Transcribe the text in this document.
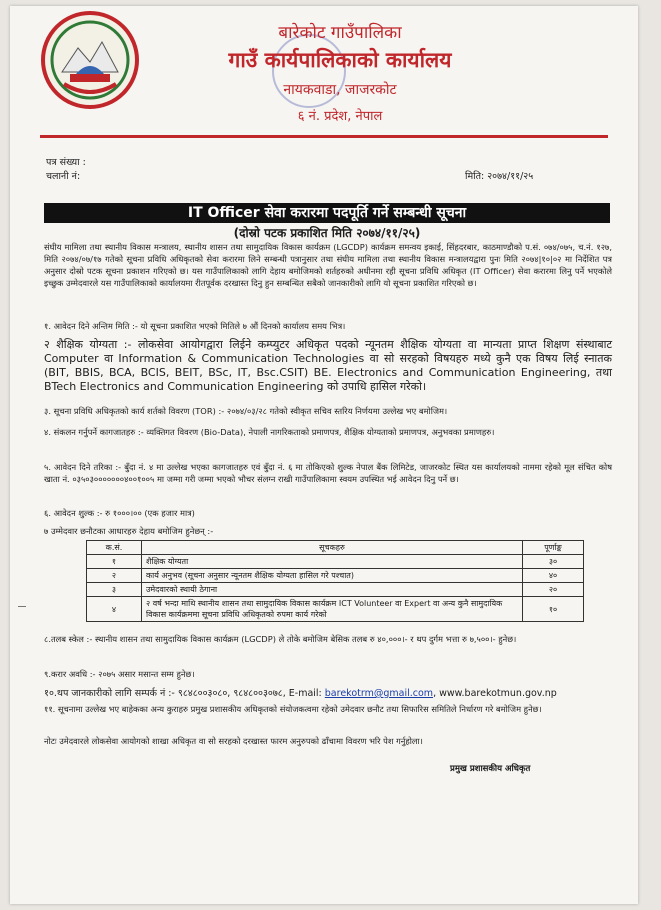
बारेकोट गाउँपालिका
गाउँ कार्यपालिकाको कार्यालय
नायकवाडा, जाजरकोट
६ नं. प्रदेश, नेपाल
पत्र संख्या :
चलानी नं:	मिति: २०७४/११/२५
IT Officer सेवा करारमा पदपूर्ति गर्ने सम्बन्धी सूचना
(दोस्रो पटक प्रकाशित मिति २०७४/११/२५)
संघीय मामिला तथा स्थानीय विकास मन्त्रालय, स्थानीय शासन तथा सामुदायिक विकास कार्यक्रम (LGCDP) कार्यक्रम समन्वय इकाई, सिंहदरबार, काठमाण्डौको प.सं. ०७४/०७५, च.नं. १२७, मिति २०७४/०७/१७ गतेको सूचना प्रविधि अधिकृतको सेवा करारमा लिने सम्बन्धी पत्रानुसार तथा संघीय मामिला तथा स्थानीय विकास मन्त्रालयद्वारा पुनः मिति २०७४|१०|०२ मा निर्देशित पत्र अनुसार दोस्रो पटक सूचना प्रकाशन गरिएको छ। यस गाउँपालिकाको लागि देहाय बमोजिमको शर्तहरुको अधीनमा रही सूचना प्रविधि अधिकृत (IT Officer) सेवा करारमा लिनु पर्ने भएकोले इच्छुक उम्मेदवारले यस गाउँपालिकाको कार्यालयमा रीतपूर्वक दरखास्त दिनु हुन सम्बन्धित सबैको जानकारीको लागि यो सूचना प्रकाशित गरिएको छ।
१. आवेदन दिने अन्तिम मिति :- यो सूचना प्रकाशित भएको मितिले ७ औं दिनको कार्यालय समय भित्र।
२ शैक्षिक योग्यता :- लोकसेवा आयोगद्वारा लिईने कम्प्युटर अधिकृत पदको न्यूनतम शैक्षिक योग्यता वा मान्यता प्राप्त शिक्षण संस्थाबाट Computer वा Information & Communication Technologies वा सो सरहको विषयहरु मध्ये कुनै एक विषय लिई स्नातक (BIT, BBIS, BCA, BCIS, BEIT, BSc, IT, Bsc.CSIT) BE. Electronics and Communication Engineering, तथा BTech Electronics and Communication Engineering को उपाधि हासिल गरेको।
३. सूचना प्रविधि अधिकृतको कार्य शर्तको विवरण (TOR) :- २०७४/०३/२८ गतेको स्वीकृत सचिव स्तरिय निर्णयमा उल्लेख भए बमोजिम।
४. संकलन गर्नुपर्ने कागजातहरु :- व्यक्तिगत विवरण (Bio-Data), नेपाली नागरिकताको प्रमाणपत्र, शैक्षिक योग्यताको प्रमाणपत्र, अनुभवका प्रमाणहरु।
५. आवेदन दिने तरिका :- बुँदा नं. ४ मा उल्लेख भएका कागजातहरु एवं बुँदा नं. ६ मा तोकिएको शुल्क नेपाल बैंक लिमिटेड, जाजरकोट स्थित यस कार्यालयको नाममा रहेको मूल संचित कोष खाता नं. ०३५०३०००००००४००१००५ मा जम्मा गरी जम्मा भएको भौचर संलग्न राखी गाउँपालिकामा स्वयम उपस्थित भई आवेदन दिनु पर्ने छ।
६. आवेदन शुल्क :- रु १०००।०० (एक हजार मात्र)
७ उम्मेदवार छनौटका आधारहरु देहाय बमोजिम हुनेछन् :-
क.सं.	सूचकहरु	पूर्णाङ्क
१	शैक्षिक योग्यता	३०
२	कार्य अनुभव (सूचना अनुसार न्यूनतम शैक्षिक योग्यता हासिल गरे पश्चात)	४०
३	उमेदवारको स्थायी ठेगाना	२०
४	२ वर्ष भन्दा माथि स्थानीय शासन तथा सामुदायिक विकास कार्यक्रम ICT Volunteer वा Expert वा अन्य कुनै सामुदायिक विकास कार्यक्रममा सूचना प्रविधि अधिकृतको रुपमा कार्य गरेको	१०
८.तलब स्केल :- स्थानीय शासन तथा सामुदायिक विकास कार्यक्रम (LGCDP) ले तोके बमोजिम बेसिक तलब रु ४०,०००।- र थप दुर्गम भत्ता रु ७,५००।- हुनेछ।
९.करार अवधि :- २०७५ असार मसान्त सम्म हुनेछ।
१०.थप जानकारीको लागि सम्पर्क नं :- ९८४८००३०८०, ९८४८००३०७८, E-mail: barekotrm@gmail.com, www.barekotmun.gov.np
११. सूचनामा उल्लेख भए बाहेकका अन्य कुराहरु प्रमुख प्रशासकीय अधिकृतको संयोजकत्वमा रहेको उमेदवार छनौट तथा सिफारिस समितिले निर्धारण गरे बमोजिम हुनेछ।
नोटः उमेदवारले लोकसेवा आयोगको शाखा अधिकृत वा सो सरहको दरखास्त फारम अनुरुपको ढाँचामा विवरण भरि पेश गर्नुहोला।
प्रमुख प्रशासकीय अधिकृत
